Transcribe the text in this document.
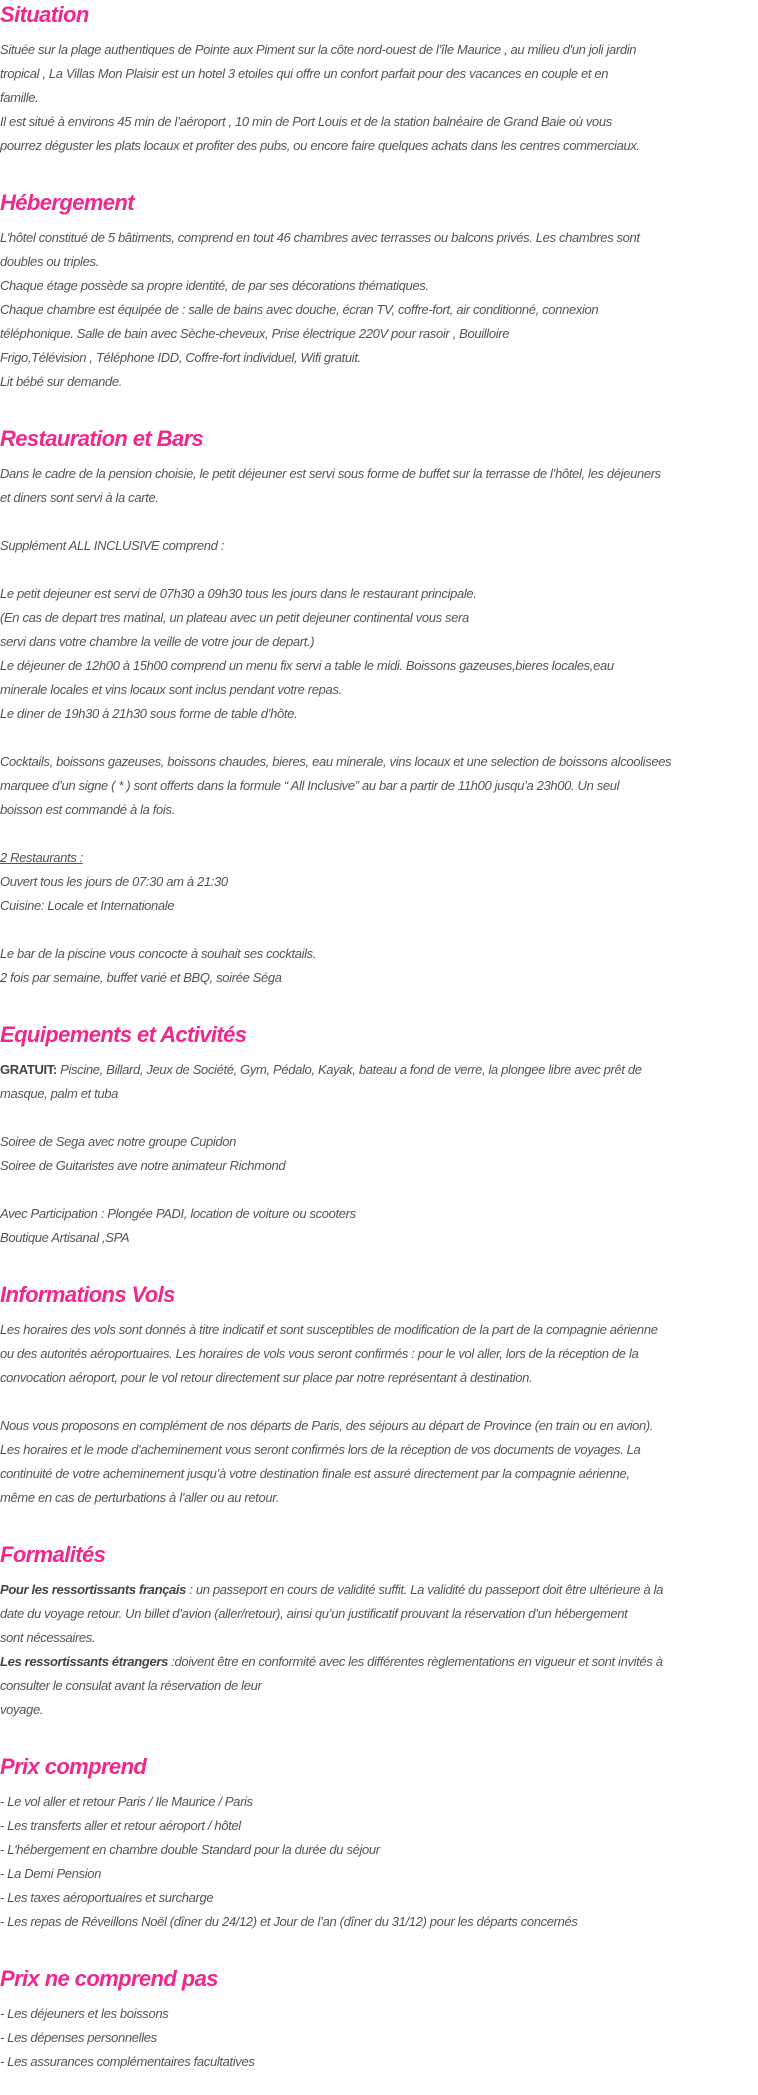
Situation
Située sur la plage authentiques de Pointe aux Piment sur la côte nord-ouest de l’île Maurice , au milieu d'un joli jardin
tropical , La Villas Mon Plaisir est un hotel 3 etoiles qui offre un confort parfait pour des vacances en couple et en
famille.
Il est situé à environs 45 min de l’aéroport , 10 min de Port Louis et de la station balnéaire de Grand Baie où vous
pourrez déguster les plats locaux et profiter des pubs, ou encore faire quelques achats dans les centres commerciaux.
Hébergement
L'hôtel constitué de 5 bâtiments, comprend en tout 46 chambres avec terrasses ou balcons privés. Les chambres sont
doubles ou triples.
Chaque étage possède sa propre identité, de par ses décorations thématiques.
Chaque chambre est équipée de : salle de bains avec douche, écran TV, coffre-fort, air conditionné, connexion
téléphonique. Salle de bain avec Sèche-cheveux, Prise électrique 220V pour rasoir , Bouilloire
Frigo,Télévision , Téléphone IDD, Coffre-fort individuel, Wifi gratuit.
Lit bébé sur demande.
Restauration et Bars
Dans le cadre de la pension choisie, le petit déjeuner est servi sous forme de buffet sur la terrasse de l’hôtel, les déjeuners
et diners sont servi à la carte.
Supplément ALL INCLUSIVE comprend :
Le petit dejeuner est servi de 07h30 a 09h30 tous les jours dans le restaurant principale.
(En cas de depart tres matinal, un plateau avec un petit dejeuner continental vous sera
servi dans votre chambre la veille de votre jour de depart.)
Le déjeuner de 12h00 à 15h00 comprend un menu fix servi a table le midi. Boissons gazeuses,bieres locales,eau
minerale locales et vins locaux sont inclus pendant votre repas.
Le diner de 19h30 à 21h30 sous forme de table d’hôte.
Cocktails, boissons gazeuses, boissons chaudes, bieres, eau minerale, vins locaux et une selection de boissons alcoolisees
marquee d’un signe ( * ) sont offerts dans la formule “ All Inclusive” au bar a partir de 11h00 jusqu’a 23h00. Un seul
boisson est commandé à la fois.
2 Restaurants :
Ouvert tous les jours de 07:30 am à 21:30
Cuisine: Locale et Internationale
Le bar de la piscine vous concocte à souhait ses cocktails.
2 fois par semaine, buffet varié et BBQ, soirée Séga
Equipements et Activités
GRATUIT: Piscine, Billard, Jeux de Société, Gym, Pédalo, Kayak, bateau a fond de verre, la plongee libre avec prêt de
masque, palm et tuba
Soiree de Sega avec notre groupe Cupidon
Soiree de Guitaristes ave notre animateur Richmond
Avec Participation : Plongée PADI, location de voiture ou scooters
Boutique Artisanal ,SPA
Informations Vols
Les horaires des vols sont donnés à titre indicatif et sont susceptibles de modification de la part de la compagnie aérienne
ou des autorités aéroportuaires. Les horaires de vols vous seront confirmés : pour le vol aller, lors de la réception de la
convocation aéroport, pour le vol retour directement sur place par notre représentant à destination.
Nous vous proposons en complément de nos départs de Paris, des séjours au départ de Province (en train ou en avion).
Les horaires et le mode d’acheminement vous seront confirmés lors de la réception de vos documents de voyages. La
continuité de votre acheminement jusqu’à votre destination finale est assuré directement par la compagnie aérienne,
même en cas de perturbations à l’aller ou au retour.
Formalités
Pour les ressortissants français : un passeport en cours de validité suffit. La validité du passeport doit être ultérieure à la
date du voyage retour. Un billet d’avion (aller/retour), ainsi qu’un justificatif prouvant la réservation d’un hébergement
sont nécessaires.
Les ressortissants étrangers :doivent être en conformité avec les différentes règlementations en vigueur et sont invités à
consulter le consulat avant la réservation de leur
voyage.
Prix comprend
- Le vol aller et retour Paris / Ile Maurice / Paris
- Les transferts aller et retour aéroport / hôtel
- L'hébergement en chambre double Standard pour la durée du séjour
- La Demi Pension
- Les taxes aéroportuaires et surcharge
- Les repas de Réveillons Noël (dîner du 24/12) et Jour de l’an (dîner du 31/12) pour les départs concernés
Prix ne comprend pas
- Les déjeuners et les boissons
- Les dépenses personnelles
- Les assurances complémentaires facultatives
